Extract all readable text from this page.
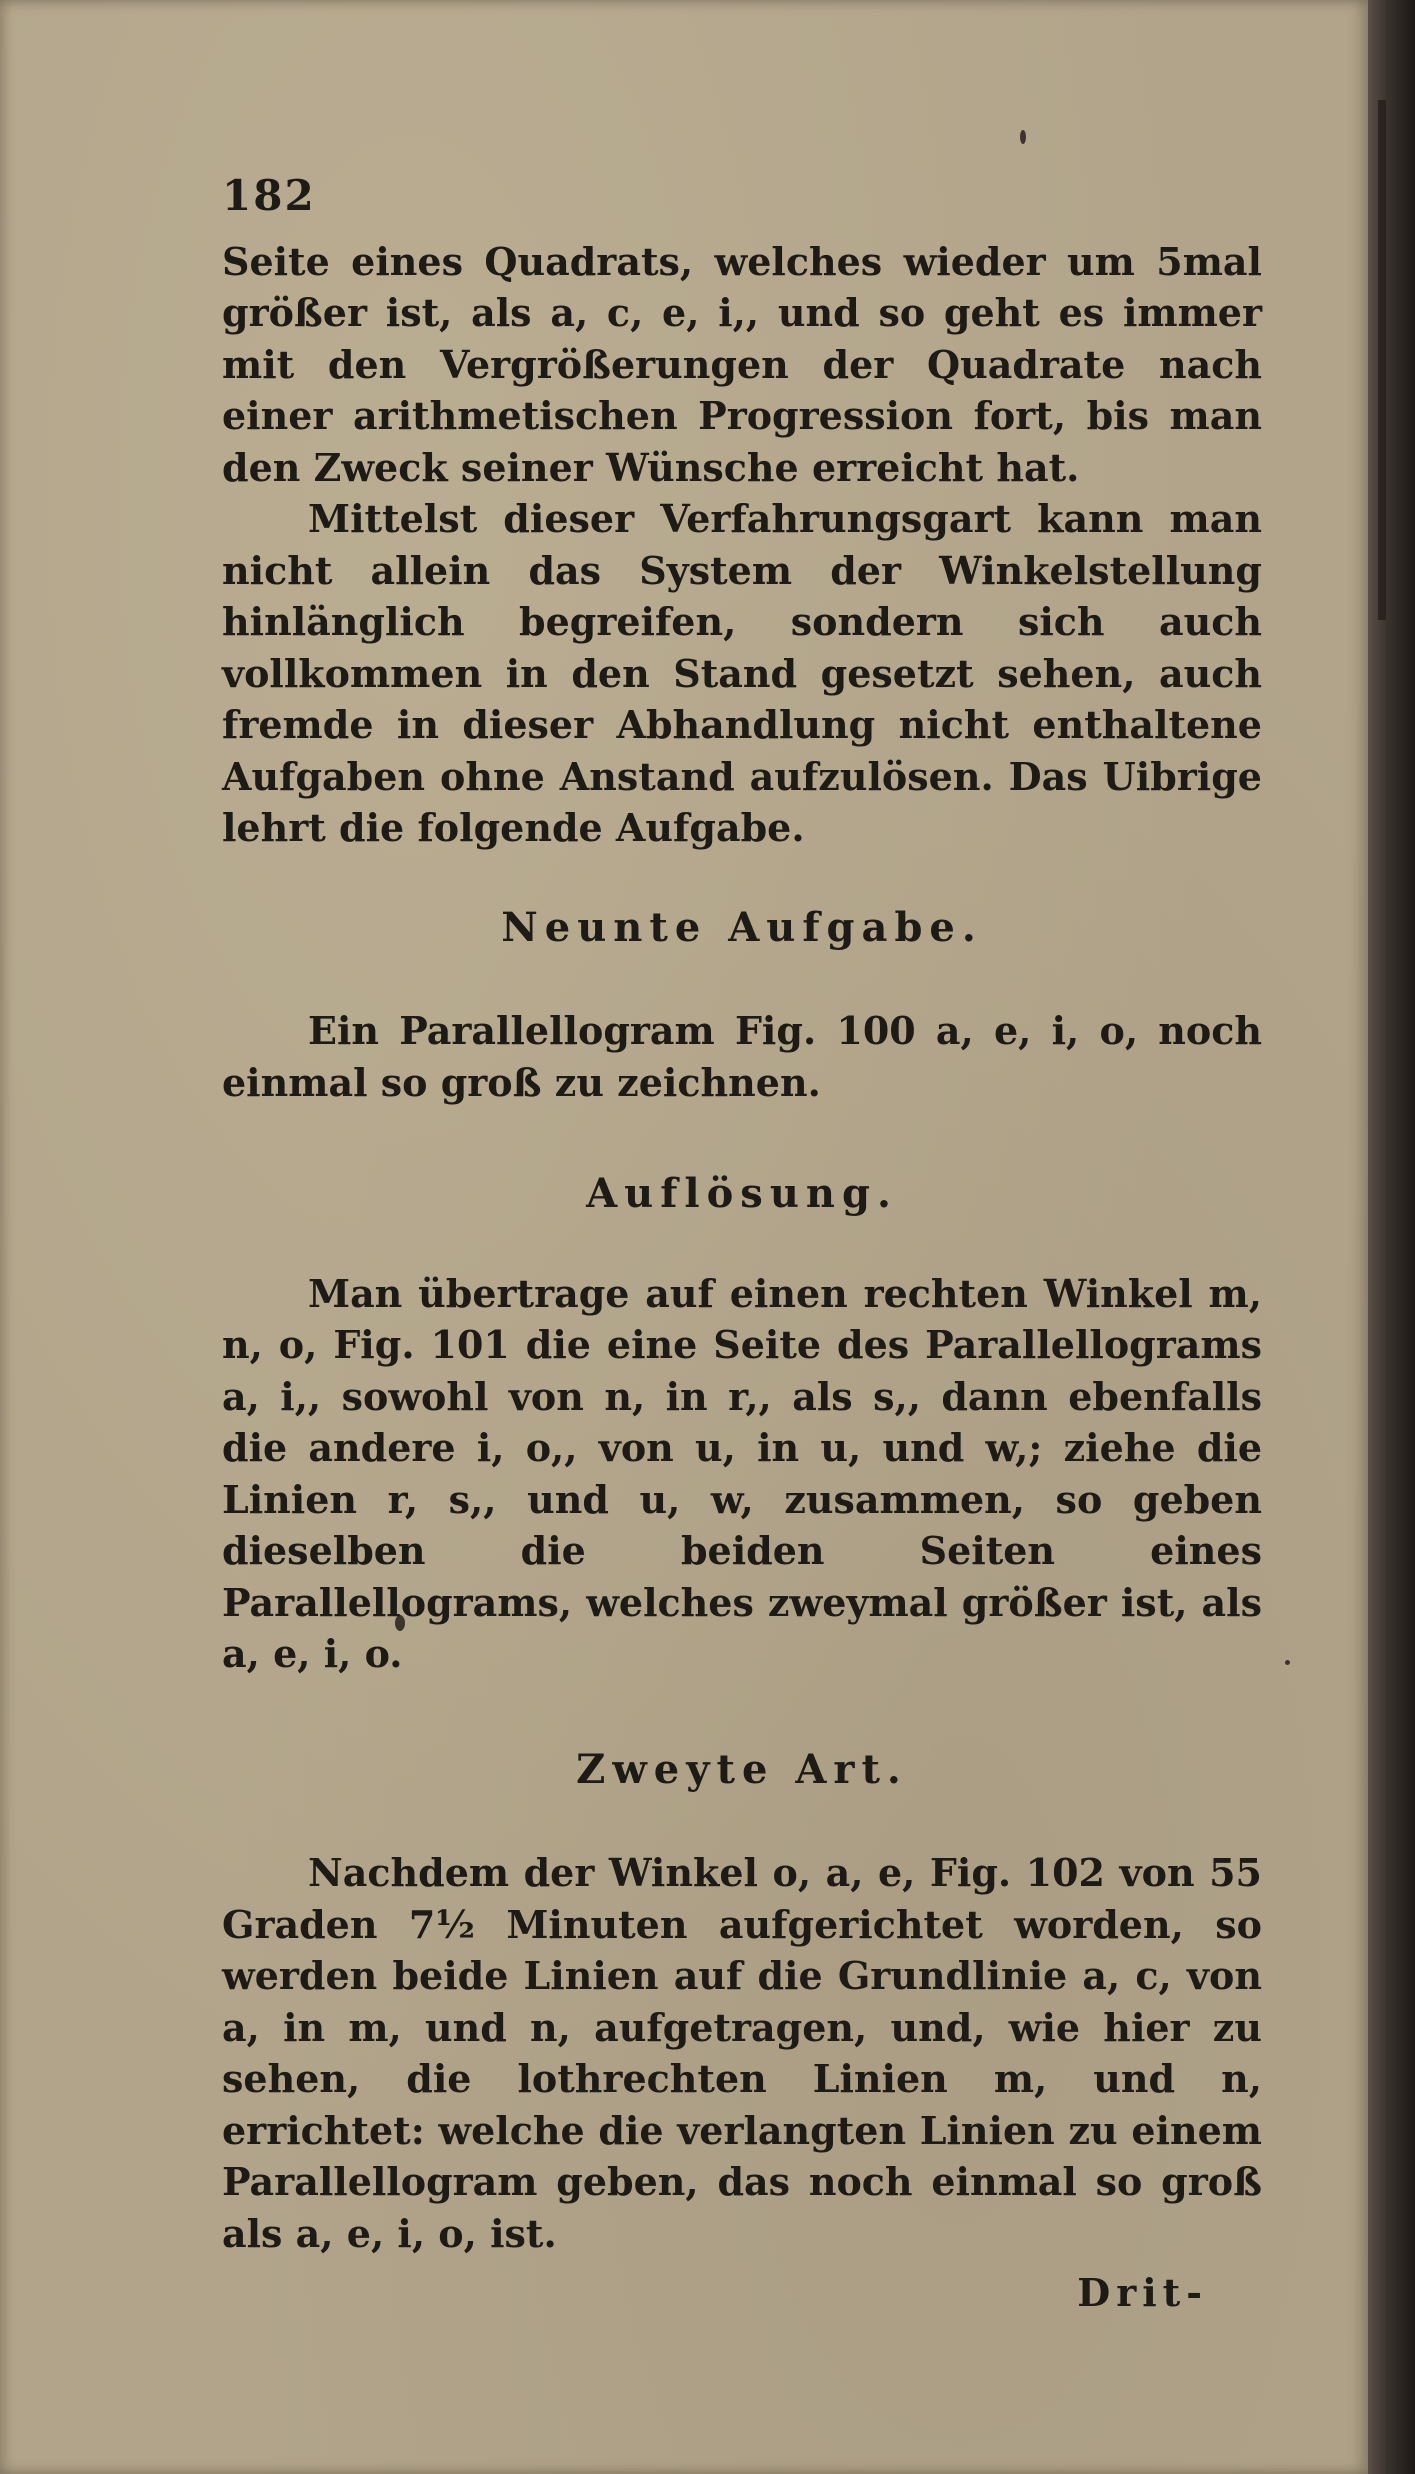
182

Seite eines Quadrats, welches wieder um 5mal größer ist, als a, c, e, i,, und so geht es immer mit den Vergrößerungen der Quadrate nach einer arithmetischen Progression fort, bis man den Zweck seiner Wünsche erreicht hat.

Mittelst dieser Verfahrungsgart kann man nicht allein das System der Winkelstellung hinlänglich begreifen, sondern sich auch vollkommen in den Stand gesetzt sehen, auch fremde in dieser Abhandlung nicht enthaltene Aufgaben ohne Anstand aufzulösen. Das Uibrige lehrt die folgende Aufgabe.

Neunte Aufgabe.

Ein Parallellogram Fig. 100 a, e, i, o, noch einmal so groß zu zeichnen.

Auflösung.

Man übertrage auf einen rechten Winkel m, n, o, Fig. 101 die eine Seite des Parallellograms a, i,, sowohl von n, in r,, als s,, dann ebenfalls die andere i, o,, von u, in u, und w,; ziehe die Linien r, s,, und u, w, zusammen, so geben dieselben die beiden Seiten eines Parallellograms, welches zweymal größer ist, als a, e, i, o.

Zweyte Art.

Nachdem der Winkel o, a, e, Fig. 102 von 55 Graden 7½ Minuten aufgerichtet worden, so werden beide Linien auf die Grundlinie a, c, von a, in m, und n, aufgetragen, und, wie hier zu sehen, die lothrechten Linien m, und n, errichtet: welche die verlangten Linien zu einem Parallellogram geben, das noch einmal so groß als a, e, i, o, ist.

Drit-
